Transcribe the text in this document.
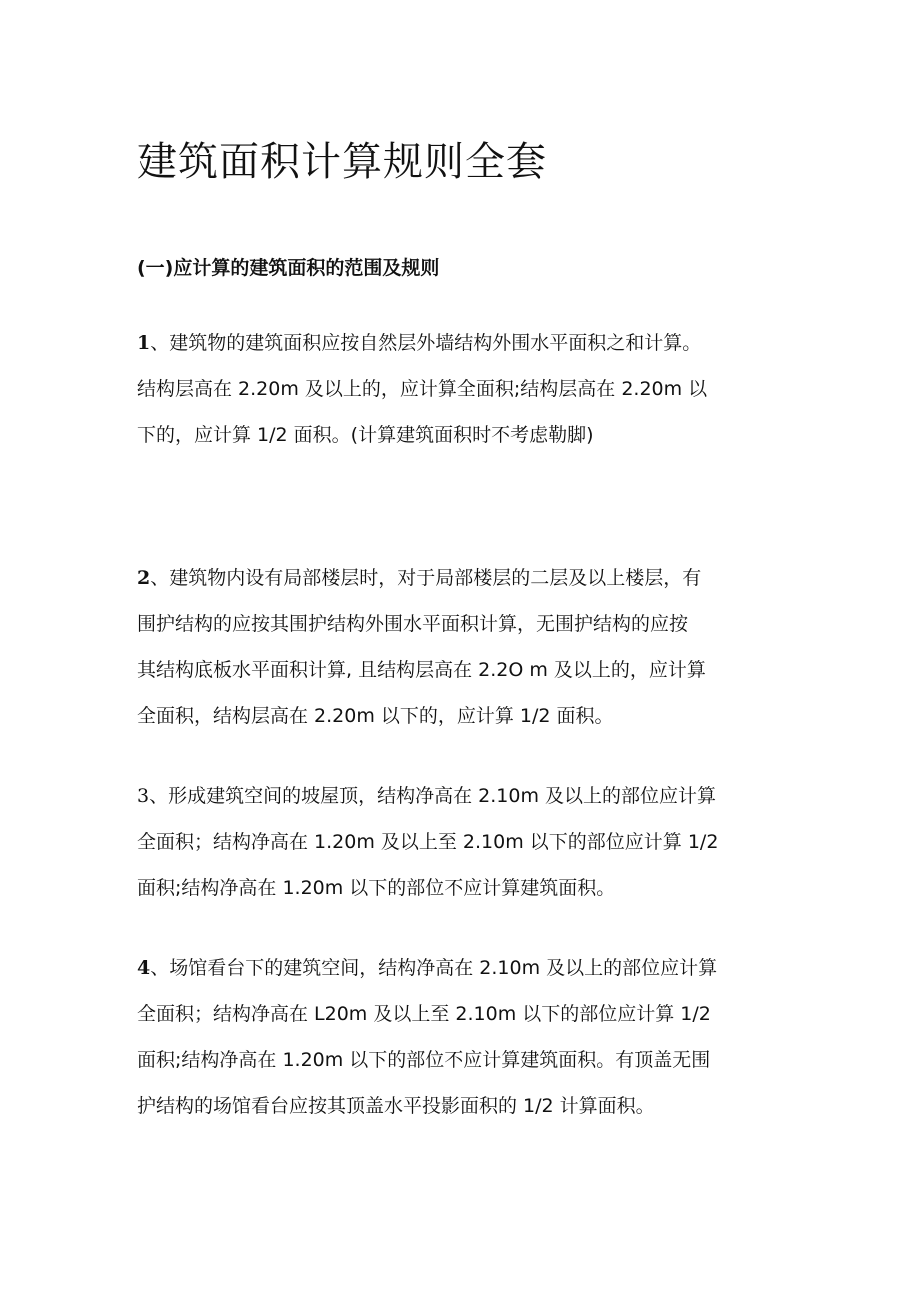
建筑面积计算规则全套
(一)应计算的建筑面积的范围及规则
1、建筑物的建筑面积应按自然层外墙结构外围水平面积之和计算。
结构层高在 2.20m 及以上的，应计算全面积;结构层高在 2.20m 以
下的，应计算 1/2 面积。(计算建筑面积时不考虑勒脚)
2、建筑物内设有局部楼层时，对于局部楼层的二层及以上楼层，有
围护结构的应按其围护结构外围水平面积计算，无围护结构的应按
其结构底板水平面积计算, 且结构层高在 2.2O m 及以上的，应计算
全面积，结构层高在 2.20m 以下的，应计算 1/2 面积。
3、形成建筑空间的坡屋顶，结构净高在 2.10m 及以上的部位应计算
全面积；结构净高在 1.20m 及以上至 2.10m 以下的部位应计算 1/2
面积;结构净高在 1.20m 以下的部位不应计算建筑面积。
4、场馆看台下的建筑空间，结构净高在 2.10m 及以上的部位应计算
全面积；结构净高在 L20m 及以上至 2.10m 以下的部位应计算 1/2
面积;结构净高在 1.20m 以下的部位不应计算建筑面积。有顶盖无围
护结构的场馆看台应按其顶盖水平投影面积的 1/2 计算面积。
